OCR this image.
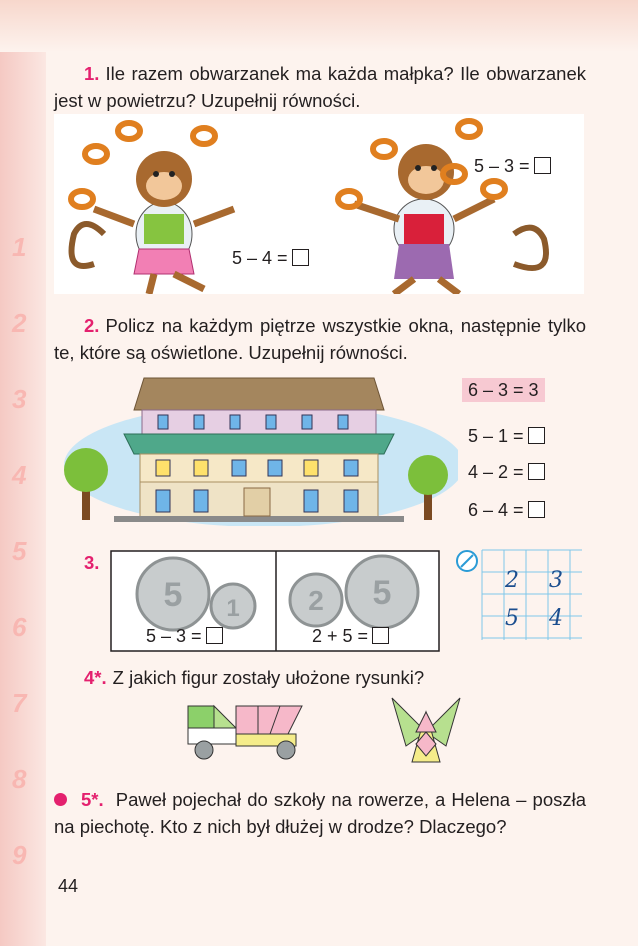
1
2
3
4
5
6
7
8
9
1. Ile razem obwarzanek ma każda małpka? Ile obwarzanek jest w powietrzu? Uzupełnij równości.
5 – 3 =
5 – 4 =
2. Policz na każdym piętrze wszystkie okna, następnie tylko te, które są oświetlone. Uzupełnij równości.
6 – 3 = 3
5 – 1 =
4 – 2 =
6 – 4 =
3.
5 1 2 5
5 – 3 =	2 + 5 =
2 3
5 4
4*. Z jakich figur zostały ułożone rysunki?
5*. Paweł pojechał do szkoły na rowerze, a Helena – poszła na piechotę. Kto z nich był dłużej w drodze? Dlaczego?
44
